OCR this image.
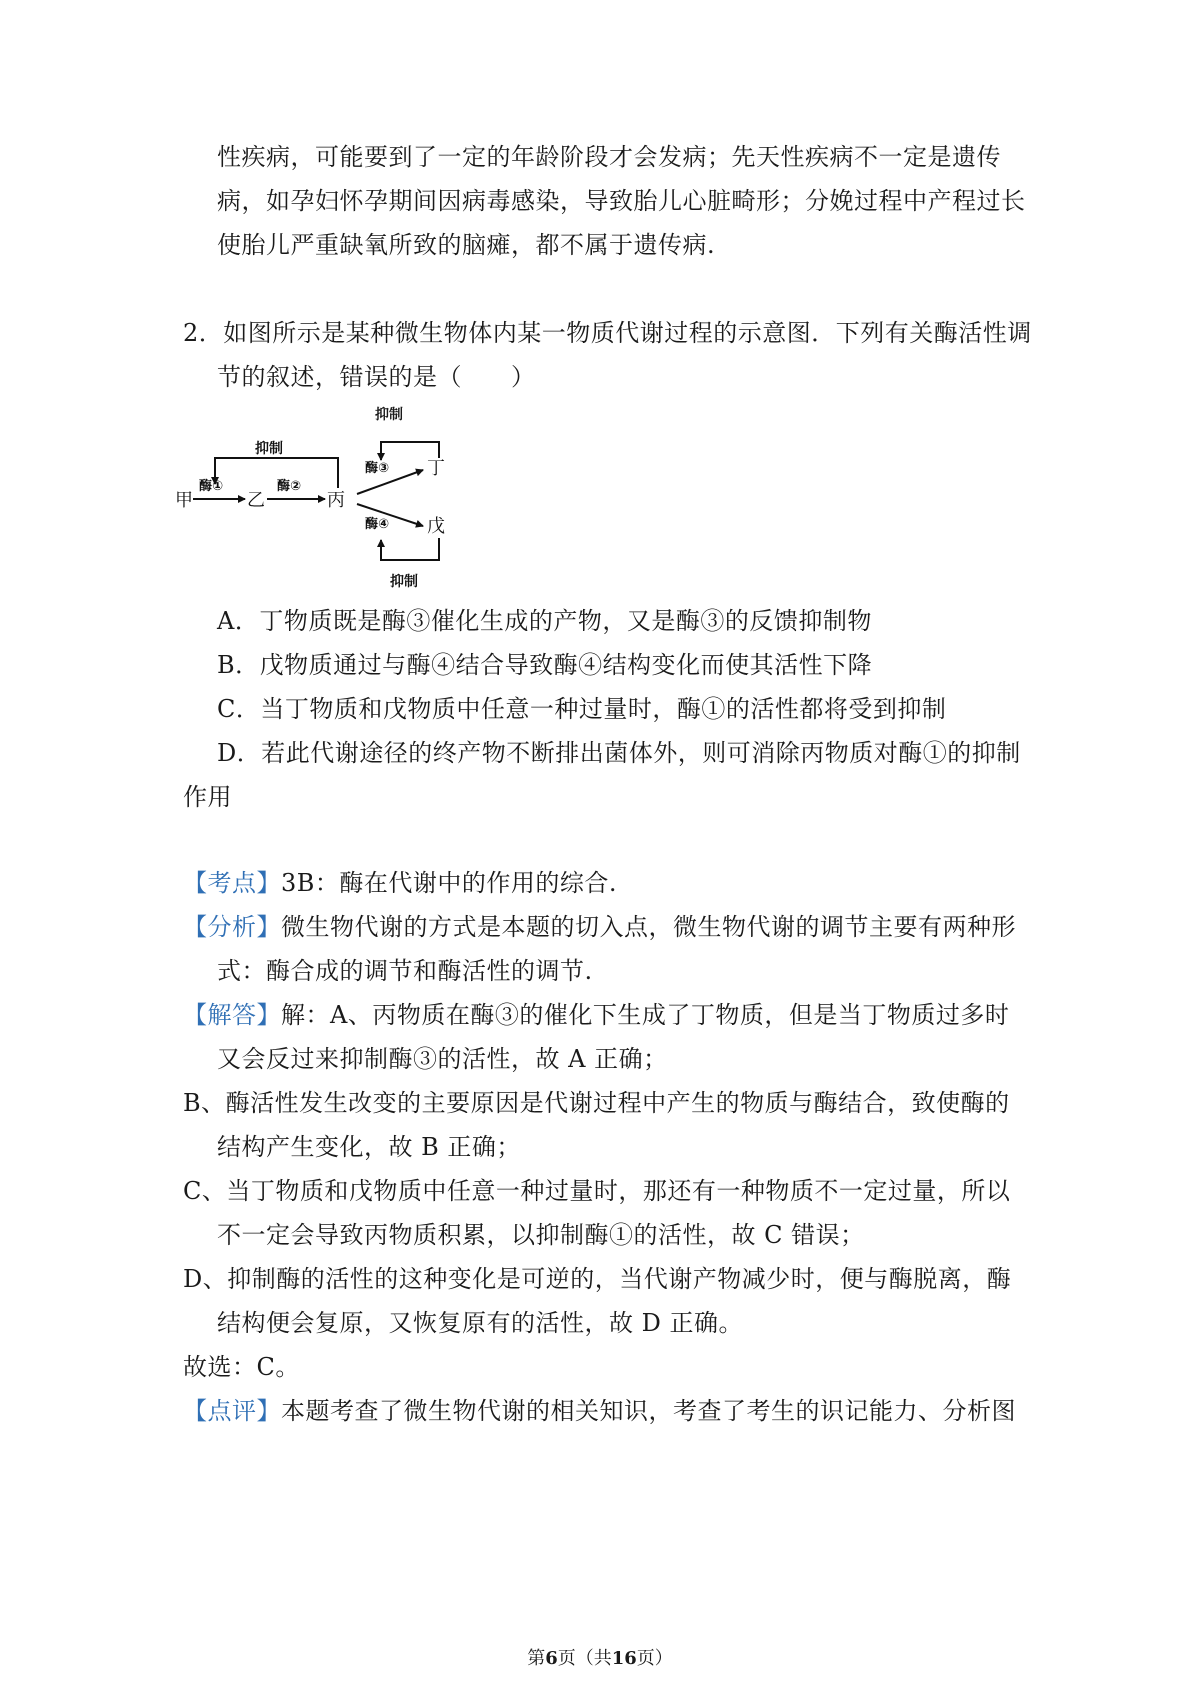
性疾病，可能要到了一定的年龄阶段才会发病；先天性疾病不一定是遗传
病，如孕妇怀孕期间因病毒感染，导致胎儿心脏畸形；分娩过程中产程过长
使胎儿严重缺氧所致的脑瘫，都不属于遗传病.
2．如图所示是某种微生物体内某一物质代谢过程的示意图．下列有关酶活性调
节的叙述，错误的是（　　）
甲
酶①
乙
酶②
丙
抑制
酶③
酶④
丁
戊
抑制
抑制
A．丁物质既是酶③催化生成的产物，又是酶③的反馈抑制物
B．戊物质通过与酶④结合导致酶④结构变化而使其活性下降
C．当丁物质和戊物质中任意一种过量时，酶①的活性都将受到抑制
D．若此代谢途径的终产物不断排出菌体外，则可消除丙物质对酶①的抑制
作用
【考点】3B：酶在代谢中的作用的综合.
【分析】微生物代谢的方式是本题的切入点，微生物代谢的调节主要有两种形
式：酶合成的调节和酶活性的调节.
【解答】解：A、丙物质在酶③的催化下生成了丁物质，但是当丁物质过多时
又会反过来抑制酶③的活性，故 A 正确；
B、酶活性发生改变的主要原因是代谢过程中产生的物质与酶结合，致使酶的
结构产生变化，故 B 正确；
C、当丁物质和戊物质中任意一种过量时，那还有一种物质不一定过量，所以
不一定会导致丙物质积累，以抑制酶①的活性，故 C 错误；
D、抑制酶的活性的这种变化是可逆的，当代谢产物减少时，便与酶脱离，酶
结构便会复原，又恢复原有的活性，故 D 正确。
故选：C。
【点评】本题考查了微生物代谢的相关知识，考查了考生的识记能力、分析图
第6页（共16页）
